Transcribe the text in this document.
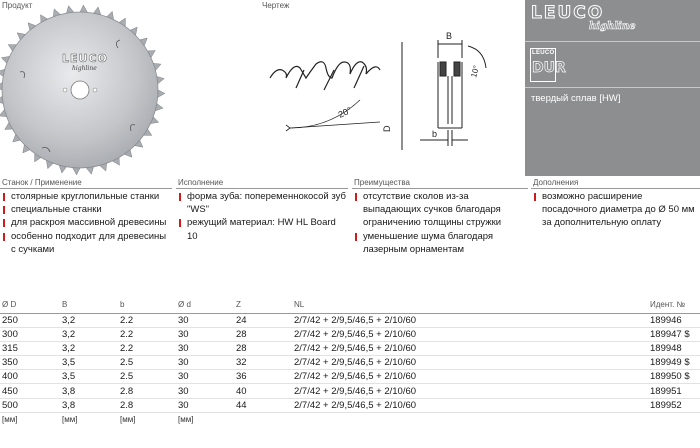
Продукт
LEUCO
highline
Чертеж
20°
B
b
D
10°
LEUCO
highline
LEUCO
DUR
твердый сплав [HW]
Станок / Применение
столярные круглопильные станки
специальные станки
для раскроя массивной древесины
особенно подходит для древесины с сучками
Исполнение
форма зуба: попеременнокосой зуб "WS"
режущий материал: HW HL Board 10
Преимущества
отсутствие сколов из-за выпадающих сучков благодаря ограничению толщины стружки
уменьшение шума благодаря лазерным орнаментам
Дополнения
возможно расширение посадочного диаметра до Ø 50 мм за дополнительную оплату
Ø D	B	b	Ø d	Z	NL	Идент. №
250	3,2	2.2	30	24	2/7/42 + 2/9,5/46,5 + 2/10/60	189946
300	3,2	2.2	30	28	2/7/42 + 2/9,5/46,5 + 2/10/60	189947 $
315	3,2	2.2	30	28	2/7/42 + 2/9,5/46,5 + 2/10/60	189948
350	3,5	2.5	30	32	2/7/42 + 2/9,5/46,5 + 2/10/60	189949 $
400	3,5	2.5	30	36	2/7/42 + 2/9,5/46,5 + 2/10/60	189950 $
450	3,8	2.8	30	40	2/7/42 + 2/9,5/46,5 + 2/10/60	189951
500	3,8	2.8	30	44	2/7/42 + 2/9,5/46,5 + 2/10/60	189952
[мм]	[мм]	[мм]	[мм]			
